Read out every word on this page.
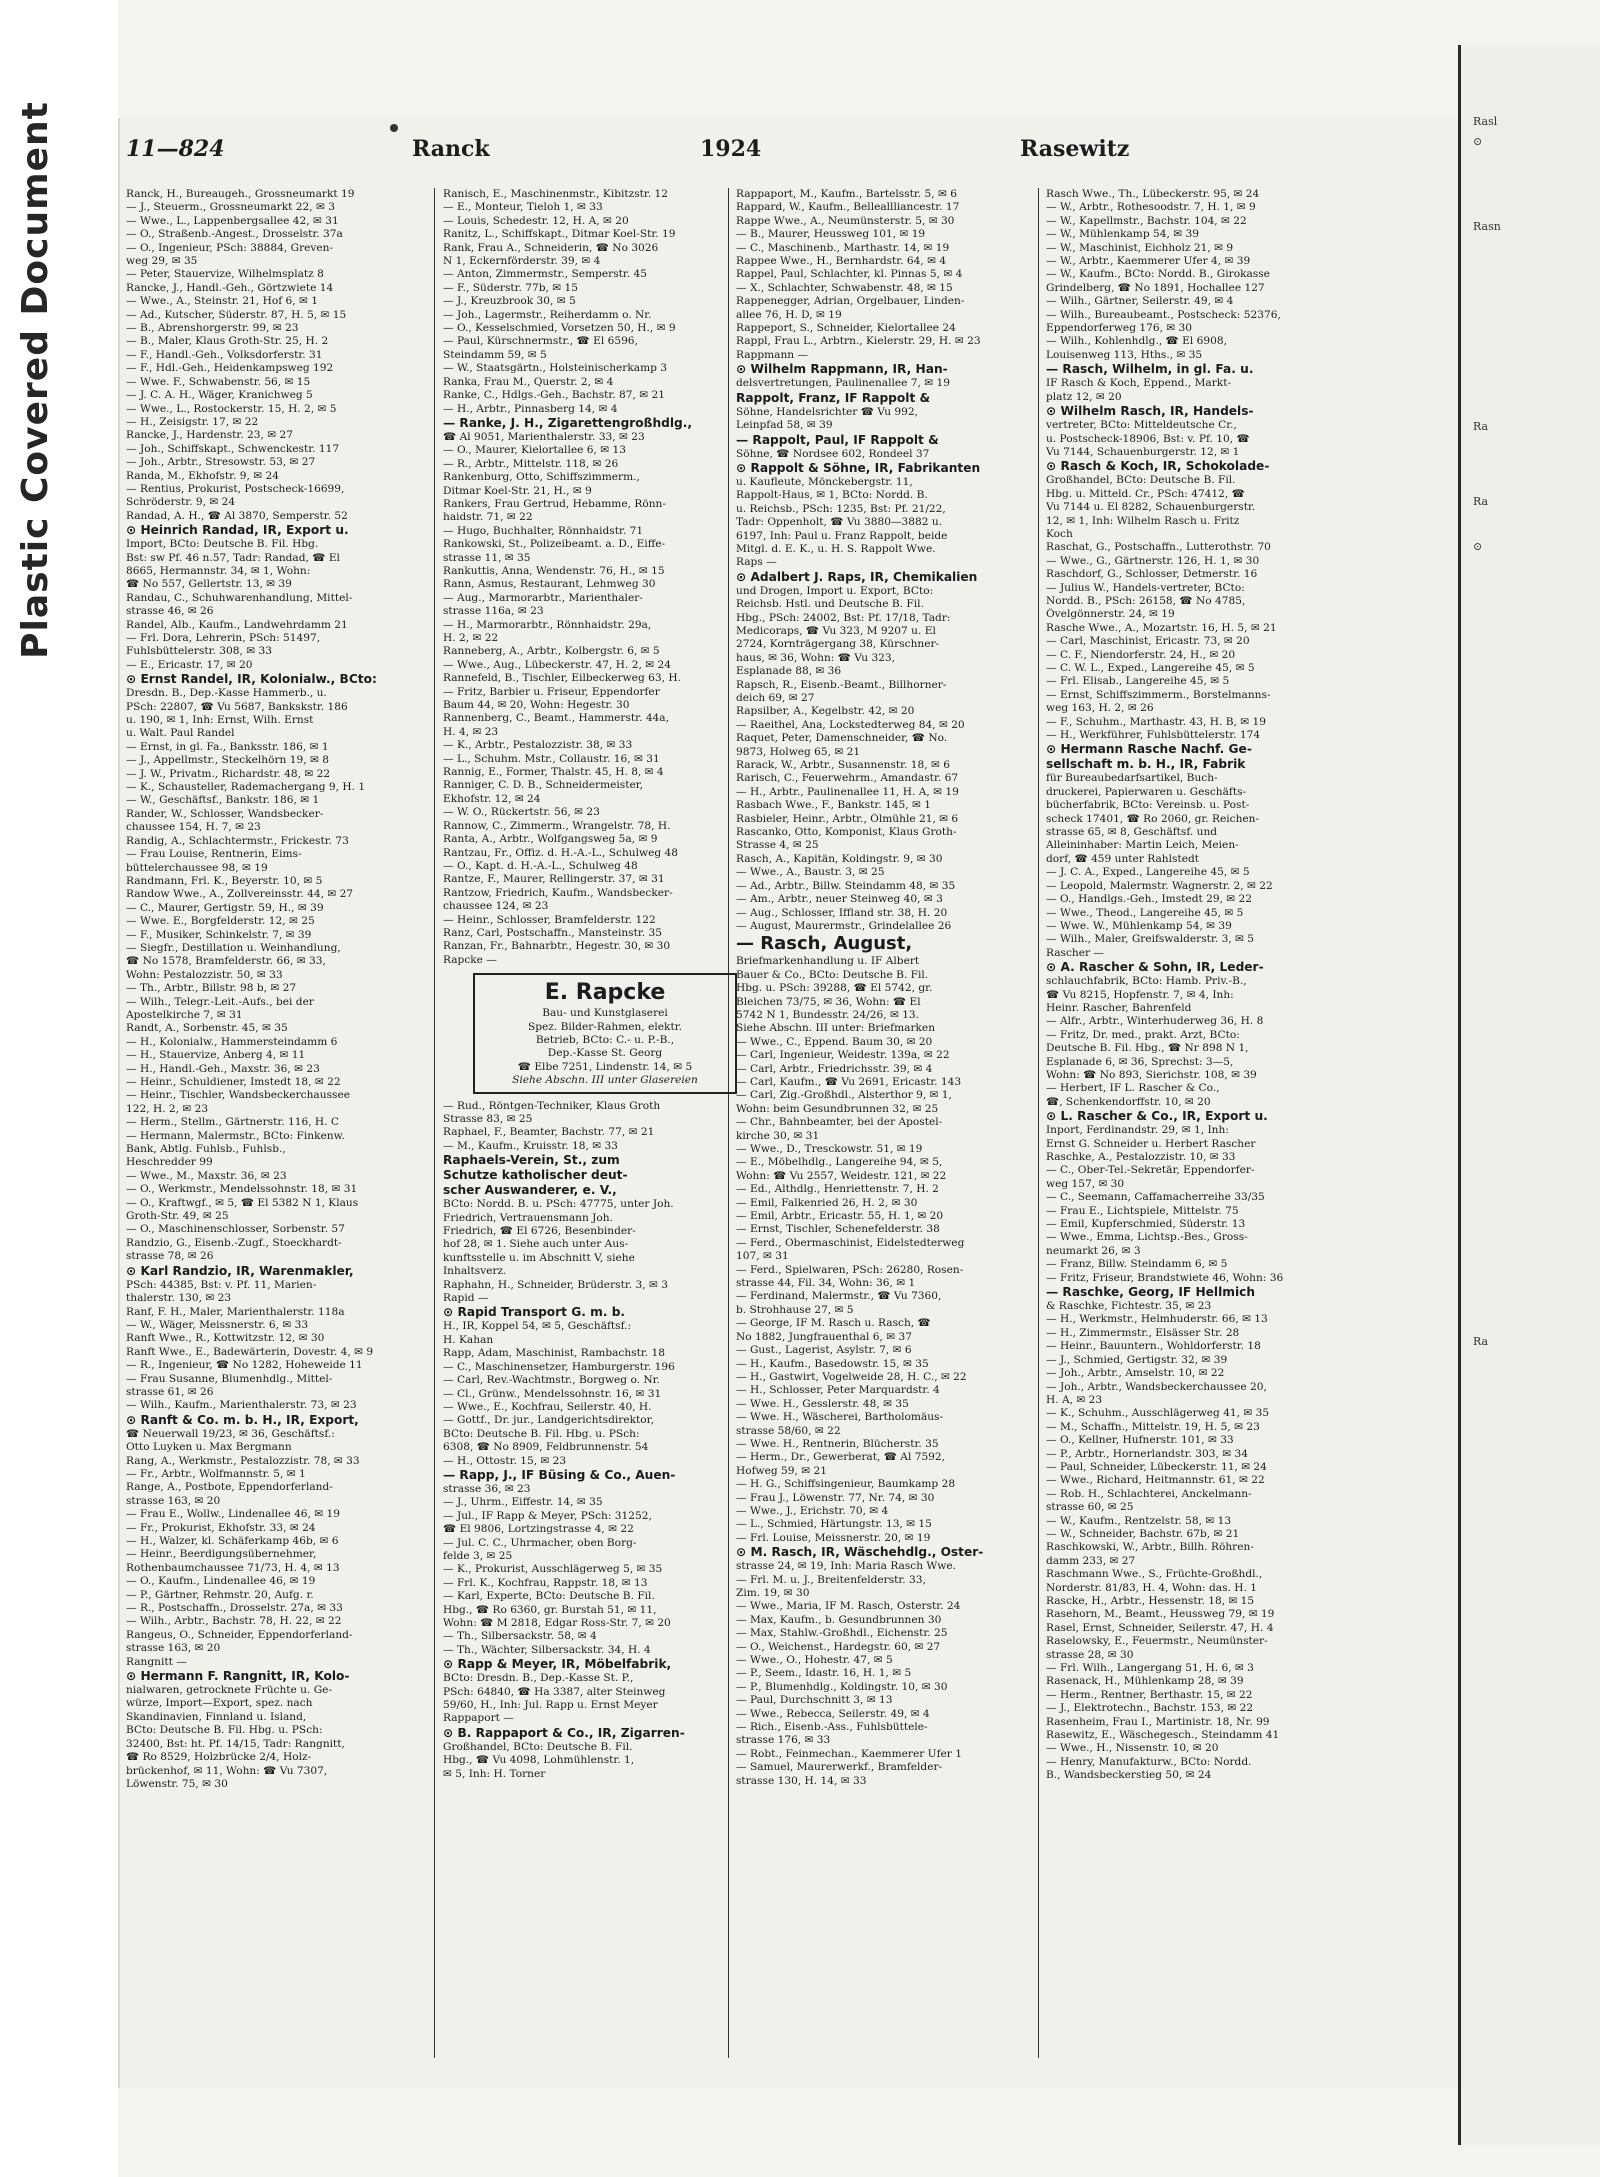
Plastic Covered Document	11—824	Ranck	1924	Rasewitz

Ranck, H., Bureaugeh., Grossneumarkt 19

— J., Steuerm., Grossneumarkt 22, ✉ 3

— Wwe., L., Lappenbergsallee 42, ✉ 31

— O., Straßenb.-Angest., Drosselstr. 37a

— O., Ingenieur, PSch: 38884, Greven-

weg 29, ✉ 35

— Peter, Stauervize, Wilhelmsplatz 8

Rancke, J., Handl.-Geh., Görtzwiete 14

— Wwe., A., Steinstr. 21, Hof 6, ✉ 1

— Ad., Kutscher, Süderstr. 87, H. 5, ✉ 15

— B., Abrenshorgerstr. 99, ✉ 23

— B., Maler, Klaus Groth-Str. 25, H. 2

— F., Handl.-Geh., Volksdorferstr. 31

— F., Hdl.-Geh., Heidenkampsweg 192

— Wwe. F., Schwabenstr. 56, ✉ 15

— J. C. A. H., Wäger, Kranichweg 5

— Wwe., L., Rostockerstr. 15, H. 2, ✉ 5

— H., Zeisigstr. 17, ✉ 22

Rancke, J., Hardenstr. 23, ✉ 27

— Joh., Schiffskapt., Schwenckestr. 117

— Joh., Arbtr., Stresowstr. 53, ✉ 27

Randa, M., Ekhofstr. 9, ✉ 24

— Rentius, Prokurist, Postscheck-16699,

Schröderstr. 9, ✉ 24

Randad, A. H., ☎ Al 3870, Semperstr. 52

⊙ Heinrich Randad, IR, Export u.

Import, BCto: Deutsche B. Fil. Hbg.

Bst: sw Pf. 46 n.57, Tadr: Randad, ☎ El

8665, Hermannstr. 34, ✉ 1, Wohn:

☎ No 557, Gellertstr. 13, ✉ 39

Randau, C., Schuhwarenhandlung, Mittel-

strasse 46, ✉ 26

Randel, Alb., Kaufm., Landwehrdamm 21

— Frl. Dora, Lehrerin, PSch: 51497,

Fuhlsbüttelerstr. 308, ✉ 33

— E., Ericastr. 17, ✉ 20

⊙ Ernst Randel, IR, Kolonialw., BCto:

Dresdn. B., Dep.-Kasse Hammerb., u.

PSch: 22807, ☎ Vu 5687, Bankskstr. 186

u. 190, ✉ 1, Inh: Ernst, Wilh. Ernst

u. Walt. Paul Randel

— Ernst, in gl. Fa., Banksstr. 186, ✉ 1

— J., Appellmstr., Steckelhörn 19, ✉ 8

— J. W., Privatm., Richardstr. 48, ✉ 22

— K., Schausteller, Rademachergang 9, H. 1

— W., Geschäftsf., Bankstr. 186, ✉ 1

Rander, W., Schlosser, Wandsbecker-

chaussee 154, H. 7, ✉ 23

Randig, A., Schlachtermstr., Frickestr. 73

— Frau Louise, Rentnerin, Eims-

büttelerchaussee 98, ✉ 19

Randmann, Frl. K., Beyerstr. 10, ✉ 5

Randow Wwe., A., Zollvereinsstr. 44, ✉ 27

— C., Maurer, Gertigstr. 59, H., ✉ 39

— Wwe. E., Borgfelderstr. 12, ✉ 25

— F., Musiker, Schinkelstr. 7, ✉ 39

— Siegfr., Destillation u. Weinhandlung,

☎ No 1578, Bramfelderstr. 66, ✉ 33,

Wohn: Pestalozzistr. 50, ✉ 33

— Th., Arbtr., Billstr. 98 b, ✉ 27

— Wilh., Telegr.-Leit.-Aufs., bei der

Apostelkirche 7, ✉ 31

Randt, A., Sorbenstr. 45, ✉ 35

— H., Kolonialw., Hammersteindamm 6

— H., Stauervize, Anberg 4, ✉ 11

— H., Handl.-Geh., Maxstr. 36, ✉ 23

— Heinr., Schuldiener, Imstedt 18, ✉ 22

— Heinr., Tischler, Wandsbeckerchaussee

122, H. 2, ✉ 23

— Herm., Stellm., Gärtnerstr. 116, H. C

— Hermann, Malermstr., BCto: Finkenw.

Bank, Abtlg. Fuhlsb., Fuhlsb.,

Heschredder 99

— Wwe., M., Maxstr. 36, ✉ 23

— O., Werkmstr., Mendelssohnstr. 18, ✉ 31

— O., Kraftwgf., ✉ 5, ☎ El 5382 N 1, Klaus

Groth-Str. 49, ✉ 25

— O., Maschinenschlosser, Sorbenstr. 57

Randzio, G., Eisenb.-Zugf., Stoeckhardt-

strasse 78, ✉ 26

⊙ Karl Randzio, IR, Warenmakler,

PSch: 44385, Bst: v. Pf. 11, Marien-

thalerstr. 130, ✉ 23

Ranf, F. H., Maler, Marienthalerstr. 118a

— W., Wäger, Meissnerstr. 6, ✉ 33

Ranft Wwe., R., Kottwitzstr. 12, ✉ 30

Ranft Wwe., E., Badewärterin, Dovestr. 4, ✉ 9

— R., Ingenieur, ☎ No 1282, Hoheweide 11

— Frau Susanne, Blumenhdlg., Mittel-

strasse 61, ✉ 26

— Wilh., Kaufm., Marienthalerstr. 73, ✉ 23

⊙ Ranft & Co. m. b. H., IR, Export,

☎ Neuerwall 19/23, ✉ 36, Geschäftsf.:

Otto Luyken u. Max Bergmann

Rang, A., Werkmstr., Pestalozzistr. 78, ✉ 33

— Fr., Arbtr., Wolfmannstr. 5, ✉ 1

Range, A., Postbote, Eppendorferland-

strasse 163, ✉ 20

— Frau E., Wollw., Lindenallee 46, ✉ 19

— Fr., Prokurist, Ekhofstr. 33, ✉ 24

— H., Walzer, kl. Schäferkamp 46b, ✉ 6

— Heinr., Beerdigungsübernehmer,

Rothenbaumchaussee 71/73, H. 4, ✉ 13

— O., Kaufm., Lindenallee 46, ✉ 19

— P., Gärtner, Rehmstr. 20, Aufg. r.

— R., Postschaffn., Drosselstr. 27a, ✉ 33

— Wilh., Arbtr., Bachstr. 78, H. 22, ✉ 22

Rangeus, O., Schneider, Eppendorferland-

strasse 163, ✉ 20

Rangnitt —

⊙ Hermann F. Rangnitt, IR, Kolo-

nialwaren, getrocknete Früchte u. Ge-

würze, Import—Export, spez. nach

Skandinavien, Finnland u. Island,

BCto: Deutsche B. Fil. Hbg. u. PSch:

32400, Bst: ht. Pf. 14/15, Tadr: Rangnitt,

☎ Ro 8529, Holzbrücke 2/4, Holz-

brückenhof, ✉ 11, Wohn: ☎ Vu 7307,

Löwenstr. 75, ✉ 30

Ranisch, E., Maschinenmstr., Kibitzstr. 12

— E., Monteur, Tieloh 1, ✉ 33

— Louis, Schedestr. 12, H. A, ✉ 20

Ranitz, L., Schiffskapt., Ditmar Koel-Str. 19

Rank, Frau A., Schneiderin, ☎ No 3026

N 1, Eckernförderstr. 39, ✉ 4

— Anton, Zimmermstr., Semperstr. 45

— F., Süderstr. 77b, ✉ 15

— J., Kreuzbrook 30, ✉ 5

— Joh., Lagermstr., Reiherdamm o. Nr.

— O., Kesselschmied, Vorsetzen 50, H., ✉ 9

— Paul, Kürschnermstr., ☎ El 6596,

Steindamm 59, ✉ 5

— W., Staatsgärtn., Holsteinischerkamp 3

Ranka, Frau M., Querstr. 2, ✉ 4

Ranke, C., Hdlgs.-Geh., Bachstr. 87, ✉ 21

— H., Arbtr., Pinnasberg 14, ✉ 4

— Ranke, J. H., Zigarettengroßhdlg.,

☎ Al 9051, Marienthalerstr. 33, ✉ 23

— O., Maurer, Kielortallee 6, ✉ 13

— R., Arbtr., Mittelstr. 118, ✉ 26

Rankenburg, Otto, Schiffszimmerm.,

Ditmar Koel-Str. 21, H., ✉ 9

Rankers, Frau Gertrud, Hebamme, Rönn-

haidstr. 71, ✉ 22

— Hugo, Buchhalter, Rönnhaidstr. 71

Rankowski, St., Polizeibeamt. a. D., Eiffe-

strasse 11, ✉ 35

Rankuttis, Anna, Wendenstr. 76, H., ✉ 15

Rann, Asmus, Restaurant, Lehmweg 30

— Aug., Marmorarbtr., Marienthaler-

strasse 116a, ✉ 23

— H., Marmorarbtr., Rönnhaidstr. 29a,

H. 2, ✉ 22

Ranneberg, A., Arbtr., Kolbergstr. 6, ✉ 5

— Wwe., Aug., Lübeckerstr. 47, H. 2, ✉ 24

Rannefeld, B., Tischler, Eilbeckerweg 63, H.

— Fritz, Barbier u. Friseur, Eppendorfer

Baum 44, ✉ 20, Wohn: Hegestr. 30

Rannenberg, C., Beamt., Hammerstr. 44a,

H. 4, ✉ 23

— K., Arbtr., Pestalozzistr. 38, ✉ 33

— L., Schuhm. Mstr., Collaustr. 16, ✉ 31

Rannig, E., Former, Thalstr. 45, H. 8, ✉ 4

Ranniger, C. D. B., Schneidermeister,

Ekhofstr. 12, ✉ 24

— W. O., Rückertstr. 56, ✉ 23

Rannow, C., Zimmerm., Wrangelstr. 78, H.

Ranta, A., Arbtr., Wolfgangsweg 5a, ✉ 9

Rantzau, Fr., Offiz. d. H.-A.-L., Schulweg 48

— O., Kapt. d. H.-A.-L., Schulweg 48

Rantze, F., Maurer, Rellingerstr. 37, ✉ 31

Rantzow, Friedrich, Kaufm., Wandsbecker-

chaussee 124, ✉ 23

— Heinr., Schlosser, Bramfelderstr. 122

Ranz, Carl, Postschaffn., Mansteinstr. 35

Ranzan, Fr., Bahnarbtr., Hegestr. 30, ✉ 30

Rapcke —

E. Rapcke

Bau- und Kunstglaserei

Spez. Bilder-Rahmen, elektr.

Betrieb, BCto: C.- u. P.-B.,

Dep.-Kasse St. Georg

☎ Elbe 7251, Lindenstr. 14, ✉ 5

Siehe Abschn. III unter Glasereien

— Rud., Röntgen-Techniker, Klaus Groth

Strasse 83, ✉ 25

Raphael, F., Beamter, Bachstr. 77, ✉ 21

— M., Kaufm., Kruisstr. 18, ✉ 33

Raphaels-Verein, St., zum

Schutze katholischer deut-

scher Auswanderer, e. V.,

BCto: Nordd. B. u. PSch: 47775, unter Joh.

Friedrich, Vertrauensmann Joh.

Friedrich, ☎ El 6726, Besenbinder-

hof 28, ✉ 1. Siehe auch unter Aus-

kunftsstelle u. im Abschnitt V, siehe

Inhaltsverz.

Raphahn, H., Schneider, Brüderstr. 3, ✉ 3

Rapid —

⊙ Rapid Transport G. m. b.

H., IR, Koppel 54, ✉ 5, Geschäftsf.:

H. Kahan

Rapp, Adam, Maschinist, Rambachstr. 18

— C., Maschinensetzer, Hamburgerstr. 196

— Carl, Rev.-Wachtmstr., Borgweg o. Nr.

— Cl., Grünw., Mendelssohnstr. 16, ✉ 31

— Wwe., E., Kochfrau, Seilerstr. 40, H.

— Gottf., Dr. jur., Landgerichtsdirektor,

BCto: Deutsche B. Fil. Hbg. u. PSch:

6308, ☎ No 8909, Feldbrunnenstr. 54

— H., Ottostr. 15, ✉ 23

— Rapp, J., IF Büsing & Co., Auen-

strasse 36, ✉ 23

— J., Uhrm., Eiffestr. 14, ✉ 35

— Jul., IF Rapp & Meyer, PSch: 31252,

☎ El 9806, Lortzingstrasse 4, ✉ 22

— Jul. C. C., Uhrmacher, oben Borg-

felde 3, ✉ 25

— K., Prokurist, Ausschlägerweg 5, ✉ 35

— Frl. K., Kochfrau, Rappstr. 18, ✉ 13

— Karl, Experte, BCto: Deutsche B. Fil.

Hbg., ☎ Ro 6360, gr. Burstah 51, ✉ 11,

Wohn: ☎ M 2818, Edgar Ross-Str. 7, ✉ 20

— Th., Silbersackstr. 58, ✉ 4

— Th., Wächter, Silbersackstr. 34, H. 4

⊙ Rapp & Meyer, IR, Möbelfabrik,

BCto: Dresdn. B., Dep.-Kasse St. P.,

PSch: 64840, ☎ Ha 3387, alter Steinweg

59/60, H., Inh: Jul. Rapp u. Ernst Meyer

Rappaport —

⊙ B. Rappaport & Co., IR, Zigarren-

Großhandel, BCto: Deutsche B. Fil.

Hbg., ☎ Vu 4098, Lohmühlenstr. 1,

✉ 5, Inh: H. Torner

Rappaport, M., Kaufm., Bartelsstr. 5, ✉ 6

Rappard, W., Kaufm., Belleallliancestr. 17

Rappe Wwe., A., Neumünsterstr. 5, ✉ 30

— B., Maurer, Heussweg 101, ✉ 19

— C., Maschinenb., Marthastr. 14, ✉ 19

Rappee Wwe., H., Bernhardstr. 64, ✉ 4

Rappel, Paul, Schlachter, kl. Pinnas 5, ✉ 4

— X., Schlachter, Schwabenstr. 48, ✉ 15

Rappenegger, Adrian, Orgelbauer, Linden-

allee 76, H. D, ✉ 19

Rappeport, S., Schneider, Kielortallee 24

Rappl, Frau L., Arbtrn., Kielerstr. 29, H. ✉ 23

Rappmann —

⊙ Wilhelm Rappmann, IR, Han-

delsvertretungen, Paulinenallee 7, ✉ 19

Rappolt, Franz, IF Rappolt &

Söhne, Handelsrichter ☎ Vu 992,

Leinpfad 58, ✉ 39

— Rappolt, Paul, IF Rappolt &

Söhne, ☎ Nordsee 602, Rondeel 37

⊙ Rappolt & Söhne, IR, Fabrikanten

u. Kaufleute, Mönckebergstr. 11,

Rappolt-Haus, ✉ 1, BCto: Nordd. B.

u. Reichsb., PSch: 1235, Bst: Pf. 21/22,

Tadr: Oppenholt, ☎ Vu 3880—3882 u.

6197, Inh: Paul u. Franz Rappolt, beide

Mitgl. d. E. K., u. H. S. Rappolt Wwe.

Raps —

⊙ Adalbert J. Raps, IR, Chemikalien

und Drogen, Import u. Export, BCto:

Reichsb. Hstl. und Deutsche B. Fil.

Hbg., PSch: 24002, Bst: Pf. 17/18, Tadr:

Medicoraps, ☎ Vu 323, M 9207 u. El

2724, Kornträgergang 38, Kürschner-

haus, ✉ 36, Wohn: ☎ Vu 323,

Esplanade 88, ✉ 36

Rapsch, R., Eisenb.-Beamt., Billhorner-

deich 69, ✉ 27

Rapsilber, A., Kegelbstr. 42, ✉ 20

— Raeithel, Ana, Lockstedterweg 84, ✉ 20

Raquet, Peter, Damenschneider, ☎ No.

9873, Holweg 65, ✉ 21

Rarack, W., Arbtr., Susannenstr. 18, ✉ 6

Rarisch, C., Feuerwehrm., Amandastr. 67

— H., Arbtr., Paulinenallee 11, H. A, ✉ 19

Rasbach Wwe., F., Bankstr. 145, ✉ 1

Rasbieler, Heinr., Arbtr., Ölmühle 21, ✉ 6

Rascanko, Otto, Komponist, Klaus Groth-

Strasse 4, ✉ 25

Rasch, A., Kapitän, Koldingstr. 9, ✉ 30

— Wwe., A., Baustr. 3, ✉ 25

— Ad., Arbtr., Billw. Steindamm 48, ✉ 35

— Am., Arbtr., neuer Steinweg 40, ✉ 3

— Aug., Schlosser, Iffland str. 38, H. 20

— August, Maurermstr., Grindelallee 26

— Rasch, August,

Briefmarkenhandlung u. IF Albert

Bauer & Co., BCto: Deutsche B. Fil.

Hbg. u. PSch: 39288, ☎ El 5742, gr.

Bleichen 73/75, ✉ 36, Wohn: ☎ El

5742 N 1, Bundesstr. 24/26, ✉ 13.

Siehe Abschn. III unter: Briefmarken

— Wwe., C., Eppend. Baum 30, ✉ 20

— Carl, Ingenieur, Weidestr. 139a, ✉ 22

— Carl, Arbtr., Friedrichsstr. 39, ✉ 4

— Carl, Kaufm., ☎ Vu 2691, Ericastr. 143

— Carl, Zig.-Großhdl., Alsterthor 9, ✉ 1,

Wohn: beim Gesundbrunnen 32, ✉ 25

— Chr., Bahnbeamter, bei der Apostel-

kirche 30, ✉ 31

— Wwe., D., Tresckowstr. 51, ✉ 19

— E., Möbelhdlg., Langereihe 94, ✉ 5,

Wohn: ☎ Vu 2557, Weidestr. 121, ✉ 22

— Ed., Althdlg., Henriettenstr. 7, H. 2

— Emil, Falkenried 26, H. 2, ✉ 30

— Emil, Arbtr., Ericastr. 55, H. 1, ✉ 20

— Ernst, Tischler, Schenefelderstr. 38

— Ferd., Obermaschinist, Eidelstedterweg

107, ✉ 31

— Ferd., Spielwaren, PSch: 26280, Rosen-

strasse 44, Fil. 34, Wohn: 36, ✉ 1

— Ferdinand, Malermstr., ☎ Vu 7360,

b. Strohhause 27, ✉ 5

— George, IF M. Rasch u. Rasch, ☎

No 1882, Jungfrauenthal 6, ✉ 37

— Gust., Lagerist, Asylstr. 7, ✉ 6

— H., Kaufm., Basedowstr. 15, ✉ 35

— H., Gastwirt, Vogelweide 28, H. C., ✉ 22

— H., Schlosser, Peter Marquardstr. 4

— Wwe. H., Gesslerstr. 48, ✉ 35

— Wwe. H., Wäscherei, Bartholomäus-

strasse 58/60, ✉ 22

— Wwe. H., Rentnerin, Blücherstr. 35

— Herm., Dr., Gewerberat, ☎ Al 7592,

Hofweg 59, ✉ 21

— H. G., Schiffsingenieur, Baumkamp 28

— Frau J., Löwenstr. 77, Nr. 74, ✉ 30

— Wwe., J., Erichstr. 70, ✉ 4

— L., Schmied, Härtungstr. 13, ✉ 15

— Frl. Louise, Meissnerstr. 20, ✉ 19

⊙ M. Rasch, IR, Wäschehdlg., Oster-

strasse 24, ✉ 19, Inh: Maria Rasch Wwe.

— Frl. M. u. J., Breitenfelderstr. 33,

Zim. 19, ✉ 30

— Wwe., Maria, IF M. Rasch, Osterstr. 24

— Max, Kaufm., b. Gesundbrunnen 30

— Max, Stahlw.-Großhdl., Eichenstr. 25

— O., Weichenst., Hardegstr. 60, ✉ 27

— Wwe., O., Hohestr. 47, ✉ 5

— P., Seem., Idastr. 16, H. 1, ✉ 5

— P., Blumenhdlg., Koldingstr. 10, ✉ 30

— Paul, Durchschnitt 3, ✉ 13

— Wwe., Rebecca, Seilerstr. 49, ✉ 4

— Rich., Eisenb.-Ass., Fuhlsbüttele-

strasse 176, ✉ 33

— Robt., Feinmechan., Kaemmerer Ufer 1

— Samuel, Maurerwerkf., Bramfelder-

strasse 130, H. 14, ✉ 33

Rasch Wwe., Th., Lübeckerstr. 95, ✉ 24

— W., Arbtr., Rothesoodstr. 7, H. 1, ✉ 9

— W., Kapellmstr., Bachstr. 104, ✉ 22

— W., Mühlenkamp 54, ✉ 39

— W., Maschinist, Eichholz 21, ✉ 9

— W., Arbtr., Kaemmerer Ufer 4, ✉ 39

— W., Kaufm., BCto: Nordd. B., Girokasse

Grindelberg, ☎ No 1891, Hochallee 127

— Wilh., Gärtner, Seilerstr. 49, ✉ 4

— Wilh., Bureaubeamt., Postscheck: 52376,

Eppendorferweg 176, ✉ 30

— Wilh., Kohlenhdlg., ☎ El 6908,

Louisenweg 113, Hths., ✉ 35

— Rasch, Wilhelm, in gl. Fa. u.

IF Rasch & Koch, Eppend., Markt-

platz 12, ✉ 20

⊙ Wilhelm Rasch, IR, Handels-

vertreter, BCto: Mitteldeutsche Cr.,

u. Postscheck-18906, Bst: v. Pf. 10, ☎

Vu 7144, Schauenburgerstr. 12, ✉ 1

⊙ Rasch & Koch, IR, Schokolade-

Großhandel, BCto: Deutsche B. Fil.

Hbg. u. Mitteld. Cr., PSch: 47412, ☎

Vu 7144 u. El 8282, Schauenburgerstr.

12, ✉ 1, Inh: Wilhelm Rasch u. Fritz

Koch

Raschat, G., Postschaffn., Lutterothstr. 70

— Wwe., G., Gärtnerstr. 126, H. 1, ✉ 30

Raschdorf, G., Schlosser, Detmerstr. 16

— Julius W., Handels-vertreter, BCto:

Nordd. B., PSch: 26158, ☎ No 4785,

Övelgönnerstr. 24, ✉ 19

Rasche Wwe., A., Mozartstr. 16, H. 5, ✉ 21

— Carl, Maschinist, Ericastr. 73, ✉ 20

— C. F., Niendorferstr. 24, H., ✉ 20

— C. W. L., Exped., Langereihe 45, ✉ 5

— Frl. Elisab., Langereihe 45, ✉ 5

— Ernst, Schiffszimmerm., Borstelmanns-

weg 163, H. 2, ✉ 26

— F., Schuhm., Marthastr. 43, H. B, ✉ 19

— H., Werkführer, Fuhlsbüttelerstr. 174

⊙ Hermann Rasche Nachf. Ge-

sellschaft m. b. H., IR, Fabrik

für Bureaubedarfsartikel, Buch-

druckerei, Papierwaren u. Geschäfts-

bücherfabrik, BCto: Vereinsb. u. Post-

scheck 17401, ☎ Ro 2060, gr. Reichen-

strasse 65, ✉ 8, Geschäftsf. und

Alleininhaber: Martin Leich, Meien-

dorf, ☎ 459 unter Rahlstedt

— J. C. A., Exped., Langereihe 45, ✉ 5

— Leopold, Malermstr. Wagnerstr. 2, ✉ 22

— O., Handlgs.-Geh., Imstedt 29, ✉ 22

— Wwe., Theod., Langereihe 45, ✉ 5

— Wwe. W., Mühlenkamp 54, ✉ 39

— Wilh., Maler, Greifswalderstr. 3, ✉ 5

Rascher —

⊙ A. Rascher & Sohn, IR, Leder-

schlauchfabrik, BCto: Hamb. Priv.-B.,

☎ Vu 8215, Hopfenstr. 7, ✉ 4, Inh:

Heinr. Rascher, Bahrenfeld

— Alfr., Arbtr., Winterhuderweg 36, H. 8

— Fritz, Dr. med., prakt. Arzt, BCto:

Deutsche B. Fil. Hbg., ☎ Nr 898 N 1,

Esplanade 6, ✉ 36, Sprechst: 3—5,

Wohn: ☎ No 893, Sierichstr. 108, ✉ 39

— Herbert, IF L. Rascher & Co.,

☎, Schenkendorffstr. 10, ✉ 20

⊙ L. Rascher & Co., IR, Export u.

Inport, Ferdinandstr. 29, ✉ 1, Inh:

Ernst G. Schneider u. Herbert Rascher

Raschke, A., Pestalozzistr. 10, ✉ 33

— C., Ober-Tel.-Sekretär, Eppendorfer-

weg 157, ✉ 30

— C., Seemann, Caffamacherreihe 33/35

— Frau E., Lichtspiele, Mittelstr. 75

— Emil, Kupferschmied, Süderstr. 13

— Wwe., Emma, Lichtsp.-Bes., Gross-

neumarkt 26, ✉ 3

— Franz, Billw. Steindamm 6, ✉ 5

— Fritz, Friseur, Brandstwiete 46, Wohn: 36

— Raschke, Georg, IF Hellmich

& Raschke, Fichtestr. 35, ✉ 23

— H., Werkmstr., Helmhuderstr. 66, ✉ 13

— H., Zimmermstr., Elsässer Str. 28

— Heinr., Bauuntern., Wohldorferstr. 18

— J., Schmied, Gertigstr. 32, ✉ 39

— Joh., Arbtr., Amselstr. 10, ✉ 22

— Joh., Arbtr., Wandsbeckerchaussee 20,

H. A, ✉ 23

— K., Schuhm., Ausschlägerweg 41, ✉ 35

— M., Schaffn., Mittelstr. 19, H. 5, ✉ 23

— O., Kellner, Hufnerstr. 101, ✉ 33

— P., Arbtr., Hornerlandstr. 303, ✉ 34

— Paul, Schneider, Lübeckerstr. 11, ✉ 24

— Wwe., Richard, Heitmannstr. 61, ✉ 22

— Rob. H., Schlachterei, Anckelmann-

strasse 60, ✉ 25

— W., Kaufm., Rentzelstr. 58, ✉ 13

— W., Schneider, Bachstr. 67b, ✉ 21

Raschkowski, W., Arbtr., Billh. Röhren-

damm 233, ✉ 27

Raschmann Wwe., S., Früchte-Großhdl.,

Norderstr. 81/83, H. 4, Wohn: das. H. 1

Rascke, H., Arbtr., Hessenstr. 18, ✉ 15

Rasehorn, M., Beamt., Heussweg 79, ✉ 19

Rasel, Ernst, Schneider, Seilerstr. 47, H. 4

Raselowsky, E., Feuermstr., Neumünster-

strasse 28, ✉ 30

— Frl. Wilh., Langergang 51, H. 6, ✉ 3

Rasenack, H., Mühlenkamp 28, ✉ 39

— Herm., Rentner, Berthastr. 15, ✉ 22

— J., Elektrotechn., Bachstr. 153, ✉ 22

Rasenheim, Frau I., Martinistr. 18, Nr. 99

Rasewitz, E., Wäschegesch., Steindamm 41

— Wwe., H., Nissenstr. 10, ✉ 20

— Henry, Manufakturw., BCto: Nordd.

B., Wandsbeckerstieg 50, ✉ 24

Rasl
⊙
Rasn
Ra
Ra
⊙
Ra
